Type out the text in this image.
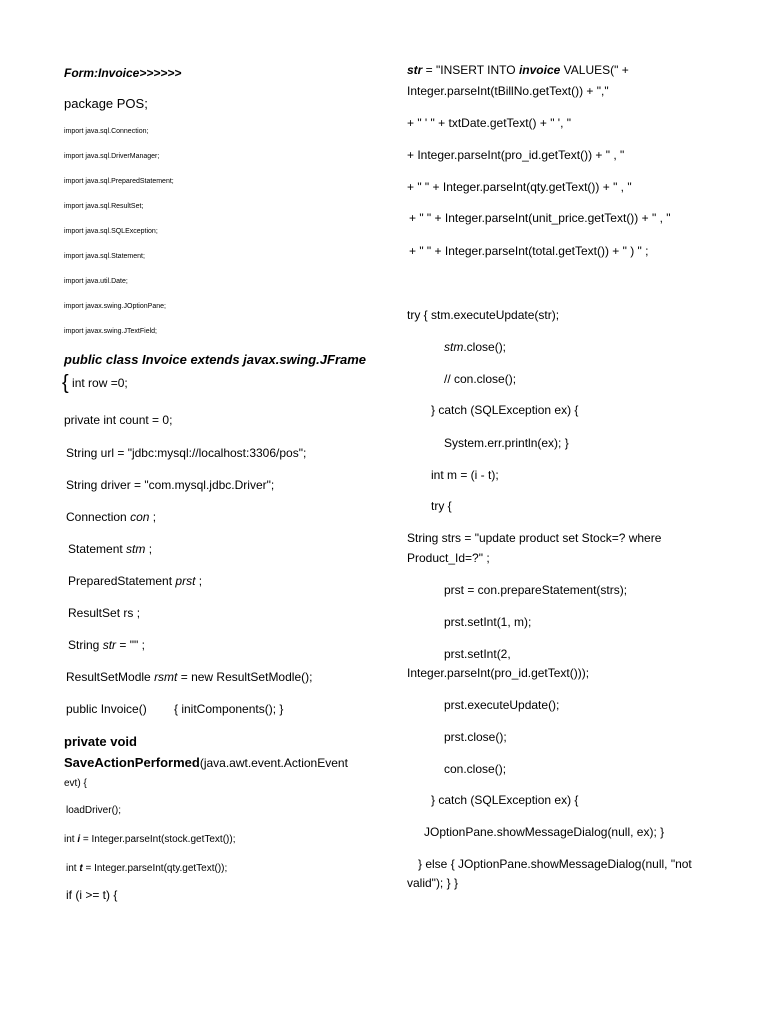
Form:Invoice>>>>>>
package POS;
import java.sql.Connection;
import java.sql.DriverManager;
import java.sql.PreparedStatement;
import java.sql.ResultSet;
import java.sql.SQLException;
import java.sql.Statement;
import java.util.Date;
import javax.swing.JOptionPane;
import javax.swing.JTextField;
public class Invoice extends javax.swing.JFrame
{ int row =0;
private int count = 0;
String url = "jdbc:mysql://localhost:3306/pos";
String driver = "com.mysql.jdbc.Driver";
Connection con ;
Statement stm ;
PreparedStatement prst ;
ResultSet rs ;
String str = "" ;
ResultSetModle rsmt = new ResultSetModle();
public Invoice() { initComponents(); }
private void
SaveActionPerformed(java.awt.event.ActionEvent
evt) {
loadDriver();
int i = Integer.parseInt(stock.getText());
int t = Integer.parseInt(qty.getText());
if (i >= t) {
str = "INSERT INTO invoice VALUES(" +
Integer.parseInt(tBillNo.getText()) + ","
+ " ' " + txtDate.getText() + " ', "
+ Integer.parseInt(pro_id.getText()) + " , "
+ " " + Integer.parseInt(qty.getText()) + " , "
+ " " + Integer.parseInt(unit_price.getText()) + " , "
+ " " + Integer.parseInt(total.getText()) + " ) " ;
try { stm.executeUpdate(str);
stm.close();
// con.close();
} catch (SQLException ex) {
System.err.println(ex); }
int m = (i - t);
try {
String strs = "update product set Stock=? where
Product_Id=?" ;
prst = con.prepareStatement(strs);
prst.setInt(1, m);
prst.setInt(2,
Integer.parseInt(pro_id.getText()));
prst.executeUpdate();
prst.close();
con.close();
} catch (SQLException ex) {
JOptionPane.showMessageDialog(null, ex); }
} else { JOptionPane.showMessageDialog(null, "not
valid"); } }
